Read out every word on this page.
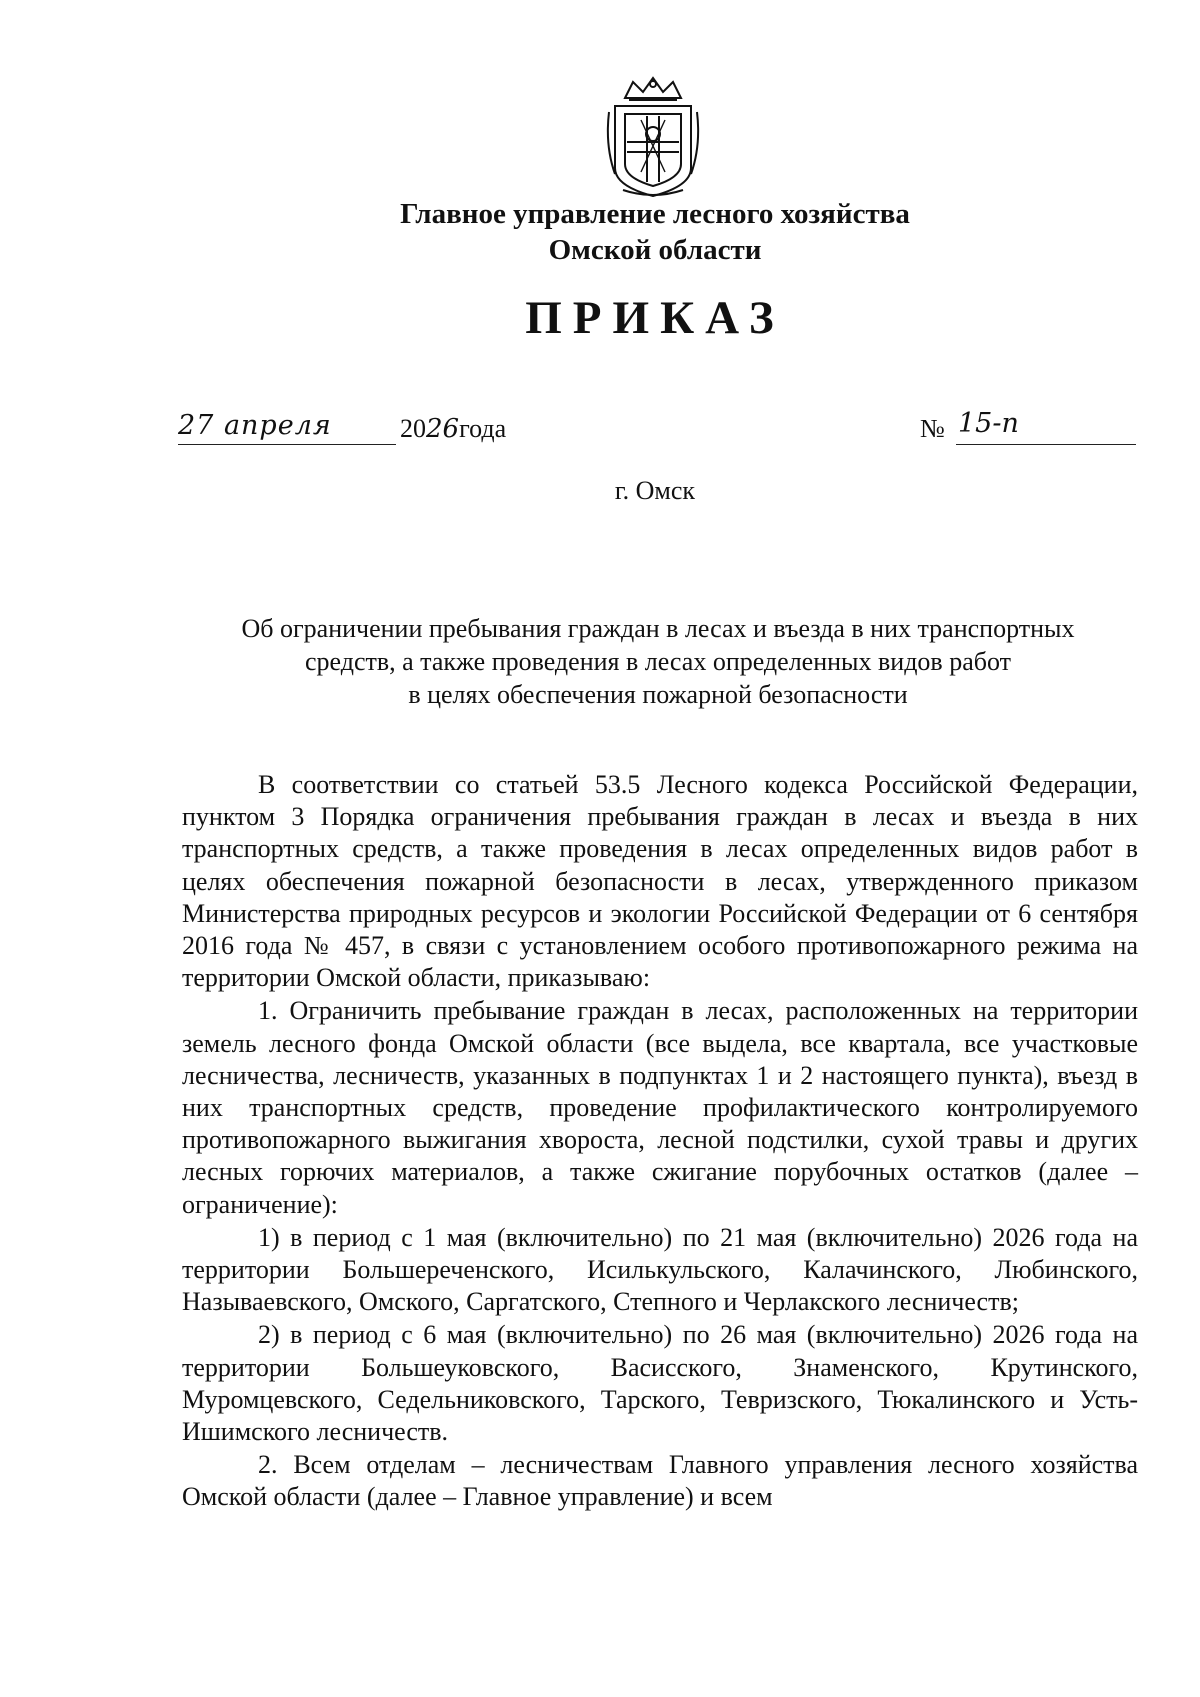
Главное управление лесного хозяйства
Омской области
ПРИКАЗ
27 апреля	2026года	№ 15-п
г. Омск
Об ограничении пребывания граждан в лесах и въезда в них транспортных
средств, а также проведения в лесах определенных видов работ
в целях обеспечения пожарной безопасности

В соответствии со статьей 53.5 Лесного кодекса Российской Федерации, пунктом 3 Порядка ограничения пребывания граждан в лесах и въезда в них транспортных средств, а также проведения в лесах определенных видов работ в целях обеспечения пожарной безопасности в лесах, утвержденного приказом Министерства природных ресурсов и экологии Российской Федерации от 6 сентября 2016 года № 457, в связи с установлением особого противопожарного режима на территории Омской области, приказываю:

1. Ограничить пребывание граждан в лесах, расположенных на территории земель лесного фонда Омской области (все выдела, все квартала, все участковые лесничества, лесничеств, указанных в подпунктах 1 и 2 настоящего пункта), въезд в них транспортных средств, проведение профилактического контролируемого противопожарного выжигания хвороста, лесной подстилки, сухой травы и других лесных горючих материалов, а также сжигание порубочных остатков (далее – ограничение):

1) в период с 1 мая (включительно) по 21 мая (включительно) 2026 года на территории Большереченского, Исилькульского, Калачинского, Любинского, Называевского, Омского, Саргатского, Степного и Черлакского лесничеств;

2) в период с 6 мая (включительно) по 26 мая (включительно) 2026 года на территории Большеуковского, Васисского, Знаменского, Крутинского, Муромцевского, Седельниковского, Тарского, Тевризского, Тюкалинского и Усть-Ишимского лесничеств.

2. Всем отделам – лесничествам Главного управления лесного хозяйства Омской области (далее – Главное управление) и всем
